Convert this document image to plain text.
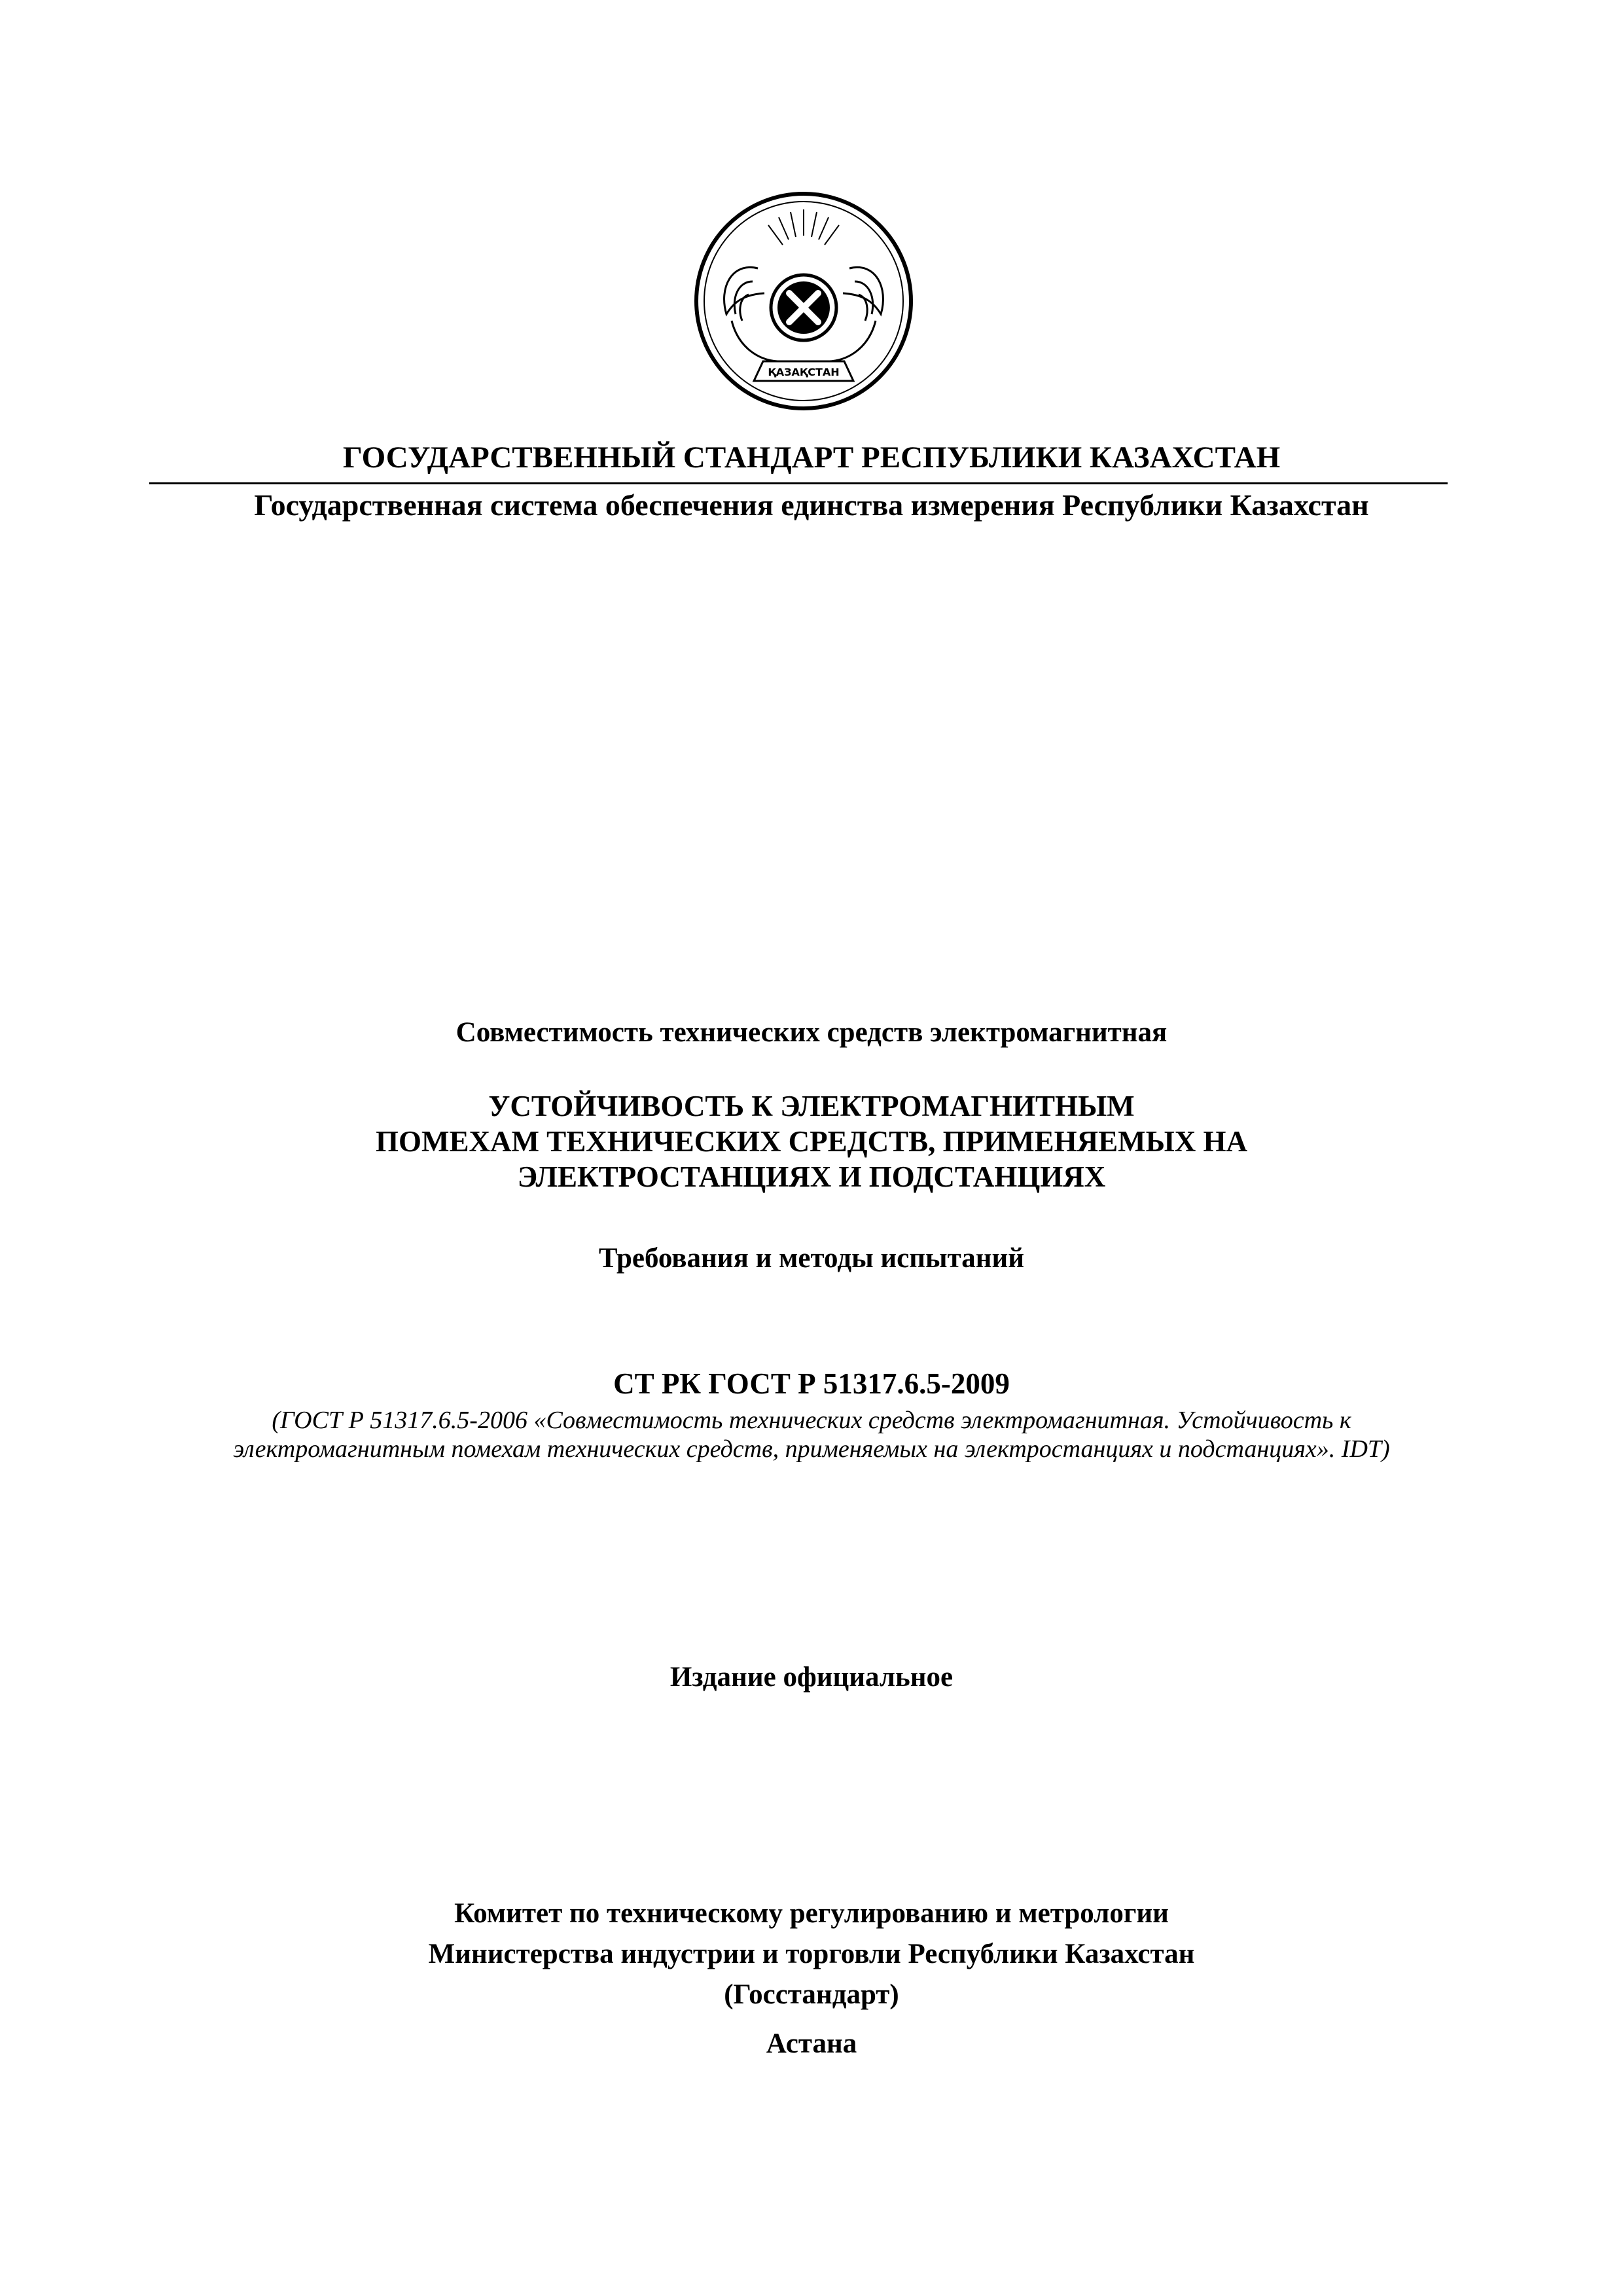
ҚАЗАҚСТАН
ГОСУДАРСТВЕННЫЙ СТАНДАРТ РЕСПУБЛИКИ КАЗАХСТАН
Государственная система обеспечения единства измерения Республики Казахстан
Совместимость технических средств электромагнитная
УСТОЙЧИВОСТЬ К ЭЛЕКТРОМАГНИТНЫМ
ПОМЕХАМ ТЕХНИЧЕСКИХ СРЕДСТВ, ПРИМЕНЯЕМЫХ НА
ЭЛЕКТРОСТАНЦИЯХ И ПОДСТАНЦИЯХ
Требования и методы испытаний
СТ РК ГОСТ Р 51317.6.5-2009
(ГОСТ Р 51317.6.5-2006 «Совместимость технических средств электромагнитная. Устойчивость к
электромагнитным помехам технических средств, применяемых на электростанциях и подстанциях». IDT)
Издание официальное
Комитет по техническому регулированию и метрологии
Министерства индустрии и торговли Республики Казахстан
(Госстандарт)
Астана
